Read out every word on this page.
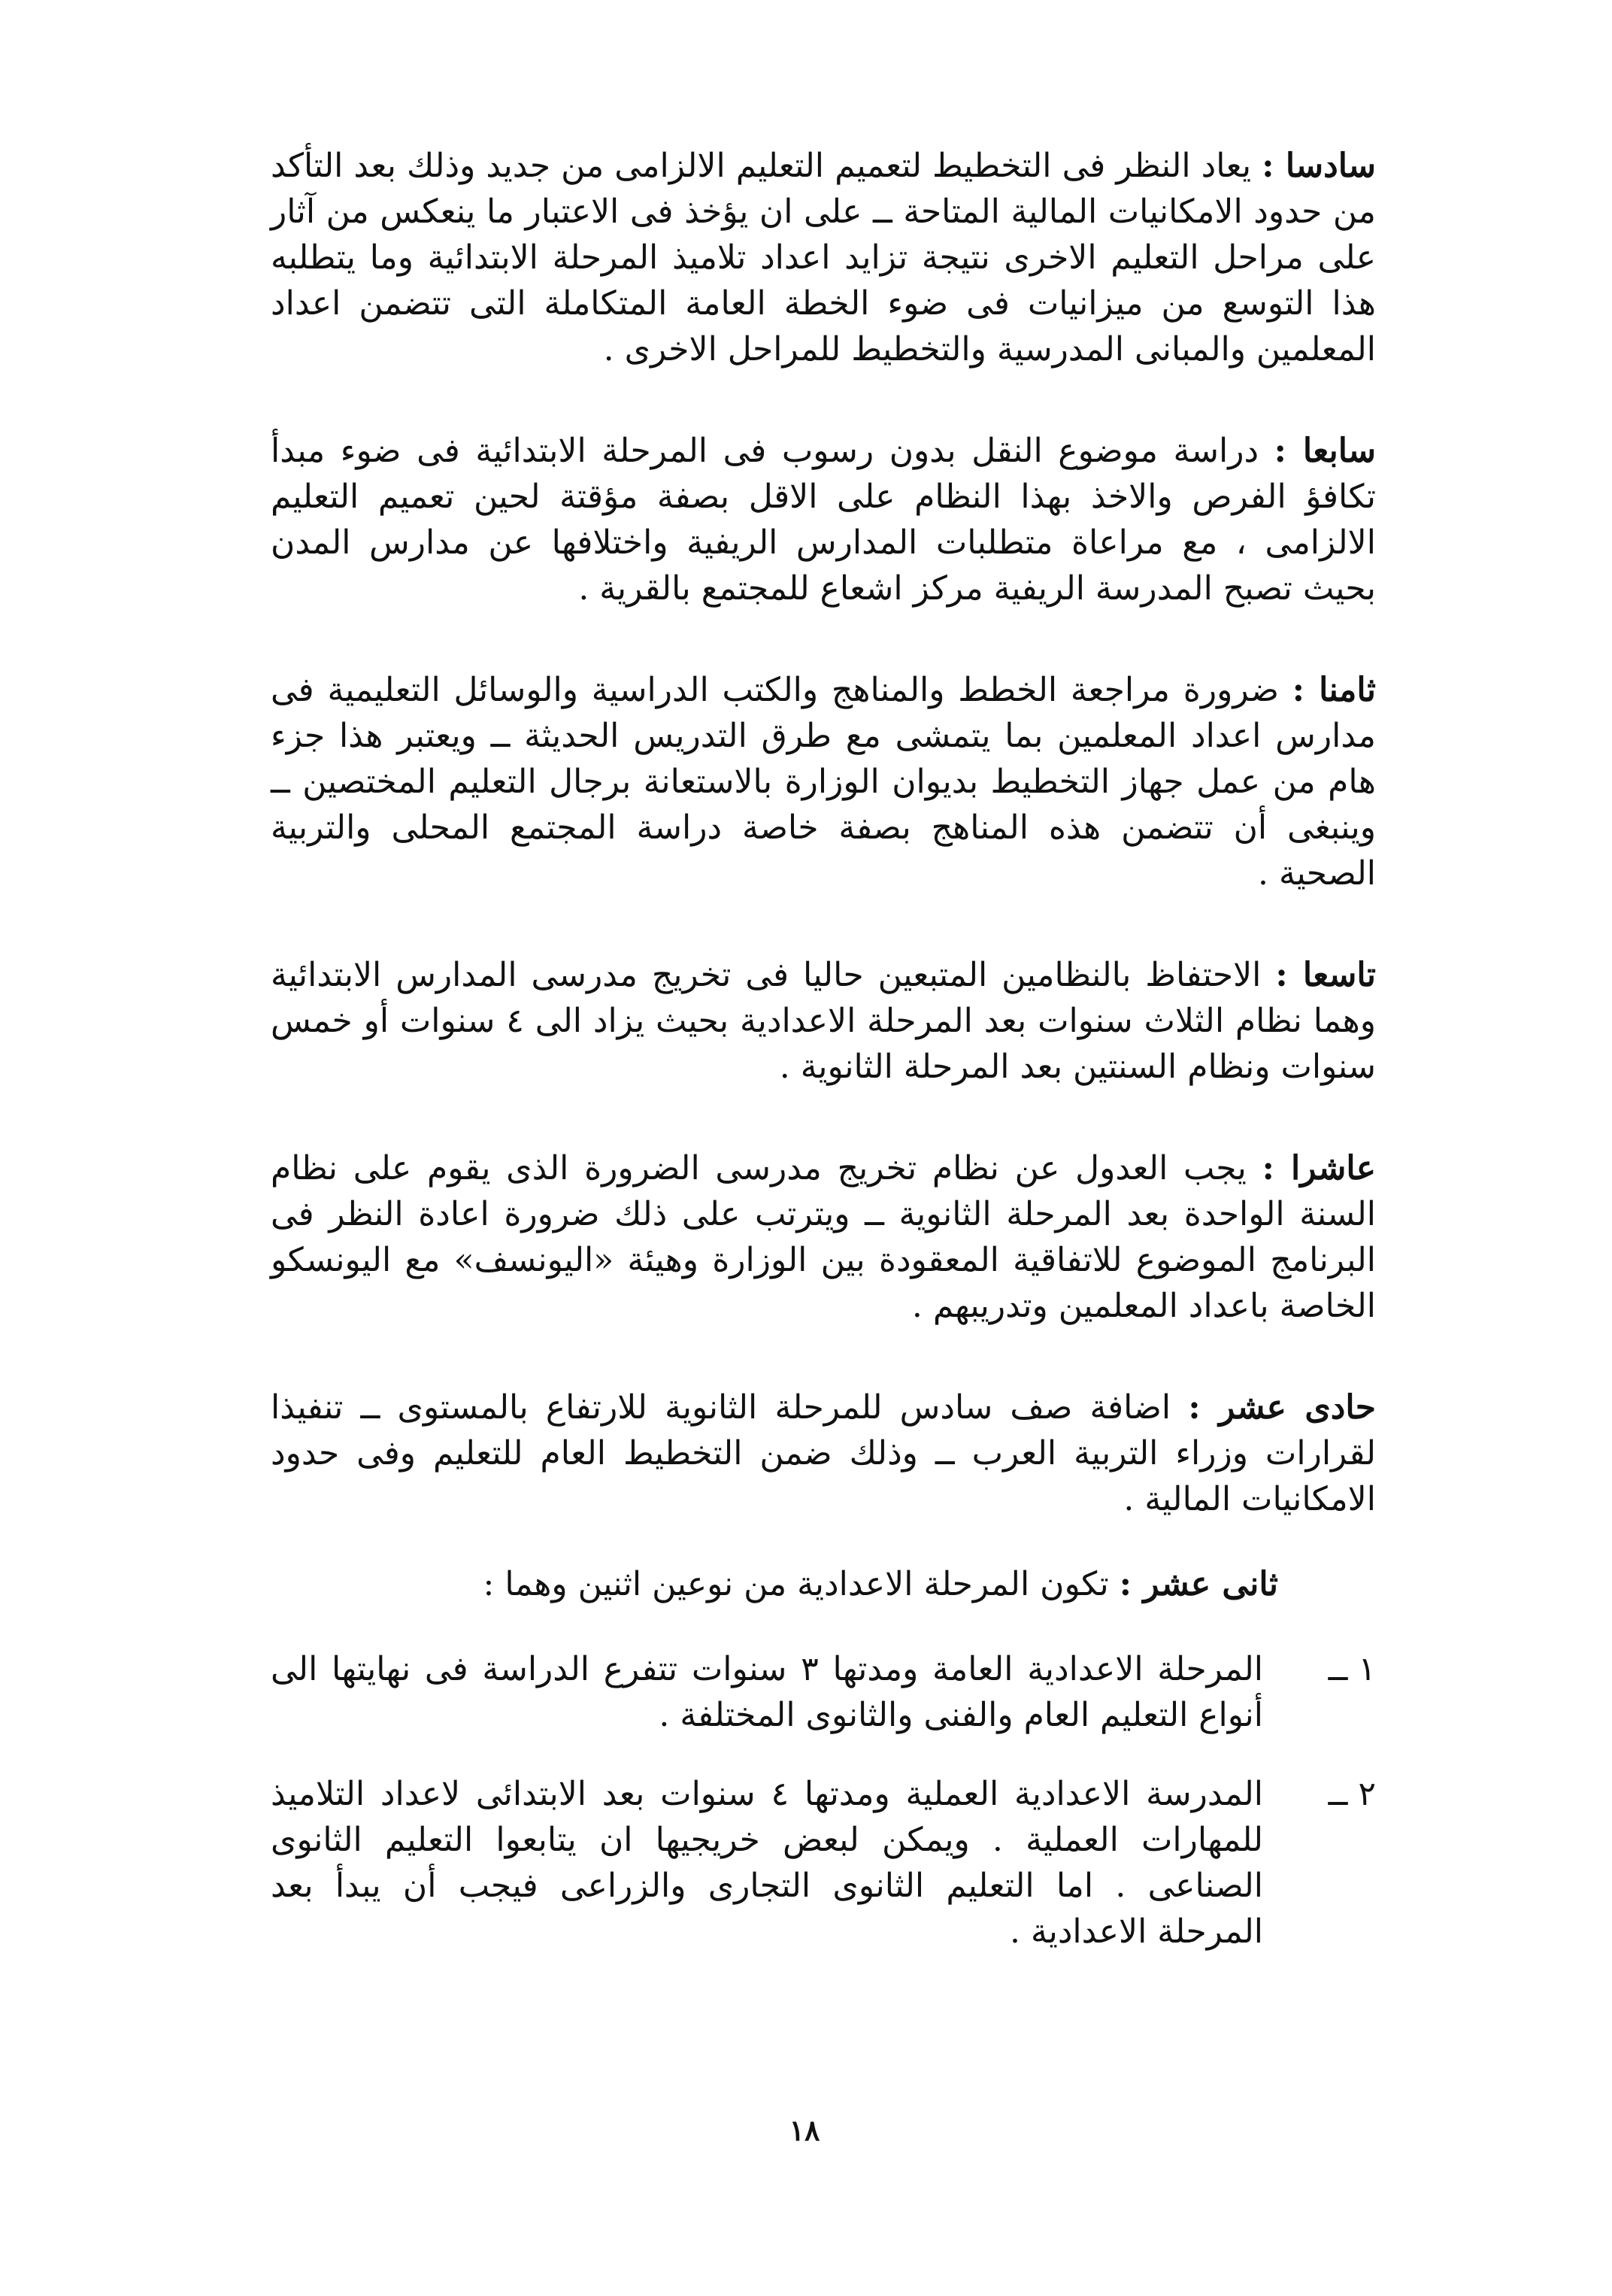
سادسا : يعاد النظر فى التخطيط لتعميم التعليم الالزامى من جديد وذلك بعد التأكد من حدود الامكانيات المالية المتاحة ــ على ان يؤخذ فى الاعتبار ما ينعكس من آثار على مراحل التعليم الاخرى نتيجة تزايد اعداد تلاميذ المرحلة الابتدائية وما يتطلبه هذا التوسع من ميزانيات فى ضوء الخطة العامة المتكاملة التى تتضمن اعداد المعلمين والمبانى المدرسية والتخطيط للمراحل الاخرى .

سابعا : دراسة موضوع النقل بدون رسوب فى المرحلة الابتدائية فى ضوء مبدأ تكافؤ الفرص والاخذ بهذا النظام على الاقل بصفة مؤقتة لحين تعميم التعليم الالزامى ، مع مراعاة متطلبات المدارس الريفية واختلافها عن مدارس المدن بحيث تصبح المدرسة الريفية مركز اشعاع للمجتمع بالقرية .

ثامنا : ضرورة مراجعة الخطط والمناهج والكتب الدراسية والوسائل التعليمية فى مدارس اعداد المعلمين بما يتمشى مع طرق التدريس الحديثة ــ ويعتبر هذا جزء هام من عمل جهاز التخطيط بديوان الوزارة بالاستعانة برجال التعليم المختصين ــ وينبغى أن تتضمن هذه المناهج بصفة خاصة دراسة المجتمع المحلى والتربية الصحية .

تاسعا : الاحتفاظ بالنظامين المتبعين حاليا فى تخريج مدرسى المدارس الابتدائية وهما نظام الثلاث سنوات بعد المرحلة الاعدادية بحيث يزاد الى ٤ سنوات أو خمس سنوات ونظام السنتين بعد المرحلة الثانوية .

عاشرا : يجب العدول عن نظام تخريج مدرسى الضرورة الذى يقوم على نظام السنة الواحدة بعد المرحلة الثانوية ــ ويترتب على ذلك ضرورة اعادة النظر فى البرنامج الموضوع للاتفاقية المعقودة بين الوزارة وهيئة «اليونسف» مع اليونسكو الخاصة باعداد المعلمين وتدريبهم .

حادى عشر : اضافة صف سادس للمرحلة الثانوية للارتفاع بالمستوى ــ تنفيذا لقرارات وزراء التربية العرب ــ وذلك ضمن التخطيط العام للتعليم وفى حدود الامكانيات المالية .

ثانى عشر : تكون المرحلة الاعدادية من نوعين اثنين وهما :

١ ــ
المرحلة الاعدادية العامة ومدتها ٣ سنوات تتفرع الدراسة فى نهايتها الى أنواع التعليم العام والفنى والثانوى المختلفة .
٢ ــ
المدرسة الاعدادية العملية ومدتها ٤ سنوات بعد الابتدائى لاعداد التلاميذ للمهارات العملية . ويمكن لبعض خريجيها ان يتابعوا التعليم الثانوى الصناعى . اما التعليم الثانوى التجارى والزراعى فيجب أن يبدأ بعد المرحلة الاعدادية .
١٨
